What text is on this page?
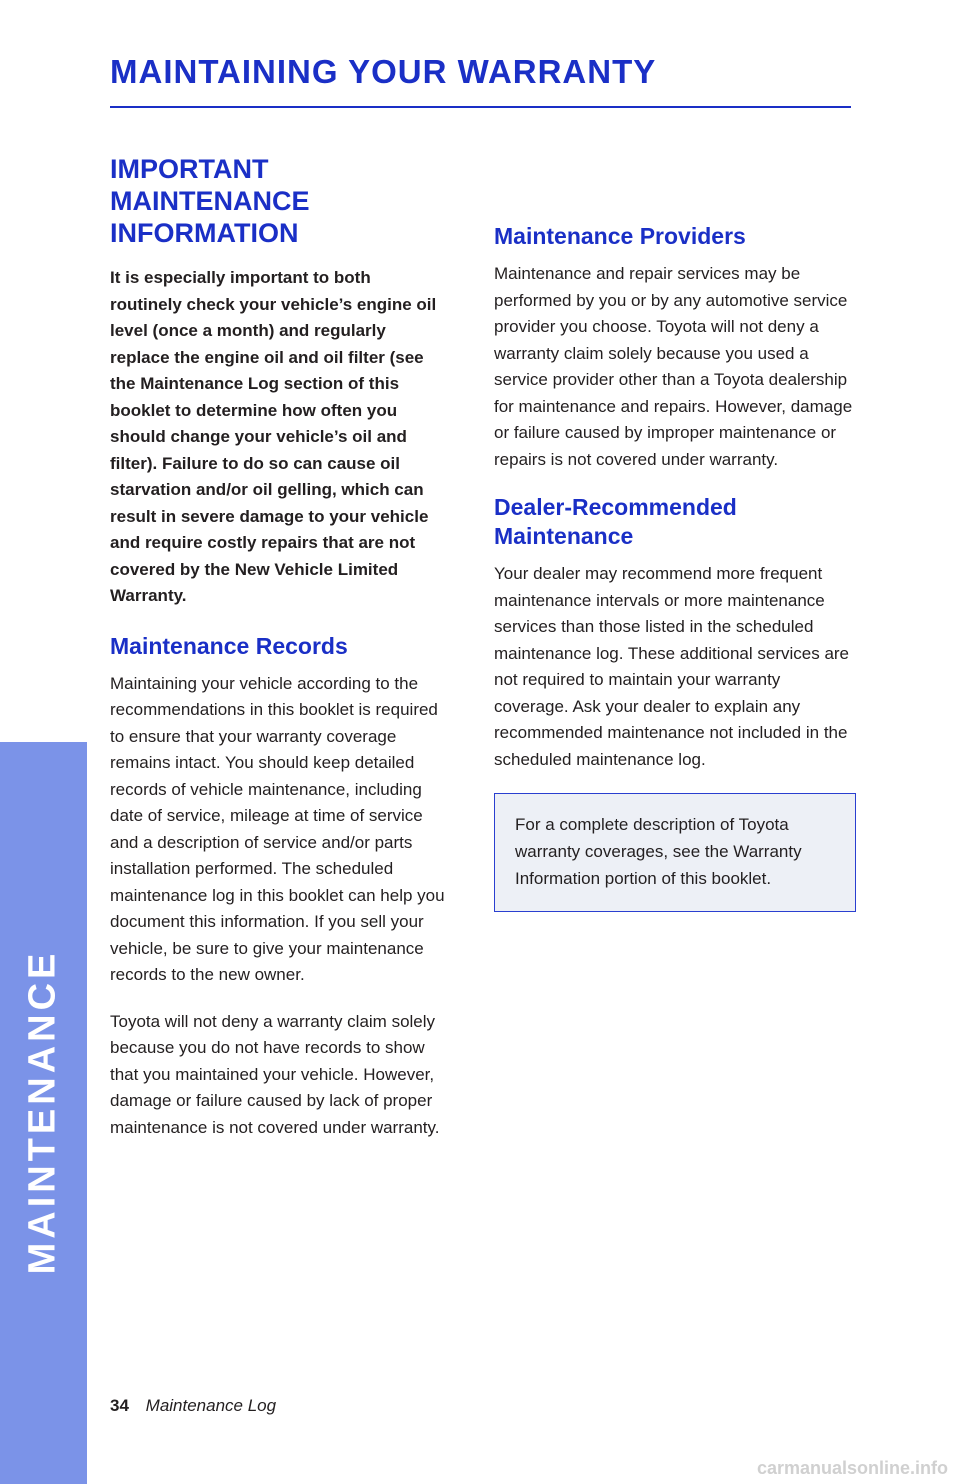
MAINTENANCE
MAINTAINING YOUR WARRANTY
IMPORTANT MAINTENANCE INFORMATION

It is especially important to both routinely check your vehicle’s engine oil level (once a month) and regularly replace the engine oil and oil filter (see the Maintenance Log section of this booklet to determine how often you should change your vehicle’s oil and filter). Failure to do so can cause oil starvation and/or oil gelling, which can result in severe damage to your vehicle and require costly repairs that are not covered by the New Vehicle Limited Warranty.

Maintenance Records

Maintaining your vehicle according to the recommendations in this booklet is required to ensure that your warranty coverage remains intact. You should keep detailed records of vehicle maintenance, including date of service, mileage at time of service and a description of service and/or parts installation performed. The scheduled maintenance log in this booklet can help you document this information. If you sell your vehicle, be sure to give your maintenance records to the new owner.

Toyota will not deny a warranty claim solely because you do not have records to show that you maintained your vehicle. However, damage or failure caused by lack of proper maintenance is not covered under warranty.

Maintenance Providers

Maintenance and repair services may be performed by you or by any automotive service provider you choose. Toyota will not deny a warranty claim solely because you used a service provider other than a Toyota dealership for maintenance and repairs. However, damage or failure caused by improper maintenance or repairs is not covered under warranty.

Dealer-Recommended Maintenance

Your dealer may recommend more frequent maintenance intervals or more maintenance services than those listed in the scheduled maintenance log. These additional services are not required to maintain your warranty coverage. Ask your dealer to explain any recommended maintenance not included in the scheduled maintenance log.

For a complete description of Toyota warranty coverages, see the Warranty Information portion of this booklet.
34 Maintenance Log
carmanualsonline.info
